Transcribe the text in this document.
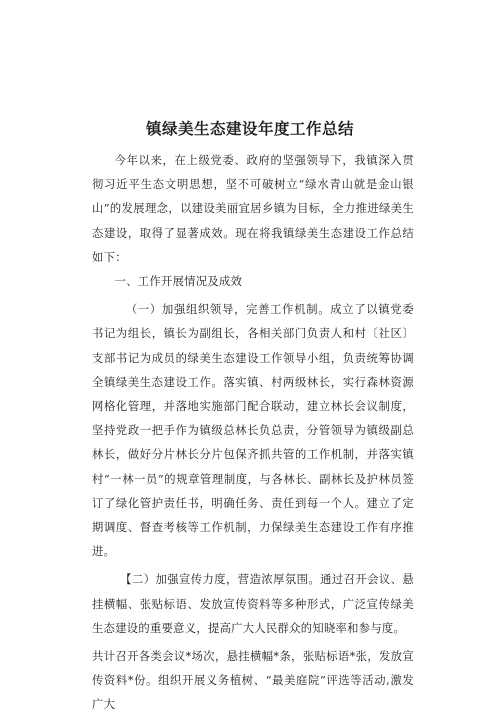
镇绿美生态建设年度工作总结

今年以来，在上级党委、政府的坚强领导下，我镇深入贯彻习近平生态文明思想，坚不可破树立“绿水青山就是金山银山”的发展理念，以建设美丽宜居乡镇为目标，全力推进绿美生态建设，取得了显著成效。现在将我镇绿美生态建设工作总结如下：

一、工作开展情况及成效

（一）加强组织领导，完善工作机制。成立了以镇党委书记为组长，镇长为副组长，各相关部门负责人和村〔社区〕支部书记为成员的绿美生态建设工作领导小组，负责统筹协调全镇绿美生态建设工作。落实镇、村两级林长，实行森林资源网格化管理，并落地实施部门配合联动，建立林长会议制度，坚持党政一把手作为镇级总林长负总责，分管领导为镇级副总林长，做好分片林长分片包保齐抓共管的工作机制，并落实镇村“一林一员”的规章管理制度，与各林长、副林长及护林员签订了绿化管护责任书，明确任务、责任到每一个人。建立了定期调度、督查考核等工作机制，力保绿美生态建设工作有序推进。

【二）加强宣传力度，营造浓厚氛围。通过召开会议、悬挂横幅、张贴标语、发放宣传资料等多种形式，广泛宣传绿美生态建设的重要意义，提高广大人民群众的知晓率和参与度。

共计召开各类会议*场次，悬挂横幅*条，张贴标语*张，发放宣传资料*份。组织开展义务植树、“最美庭院”评选等活动,激发广大
